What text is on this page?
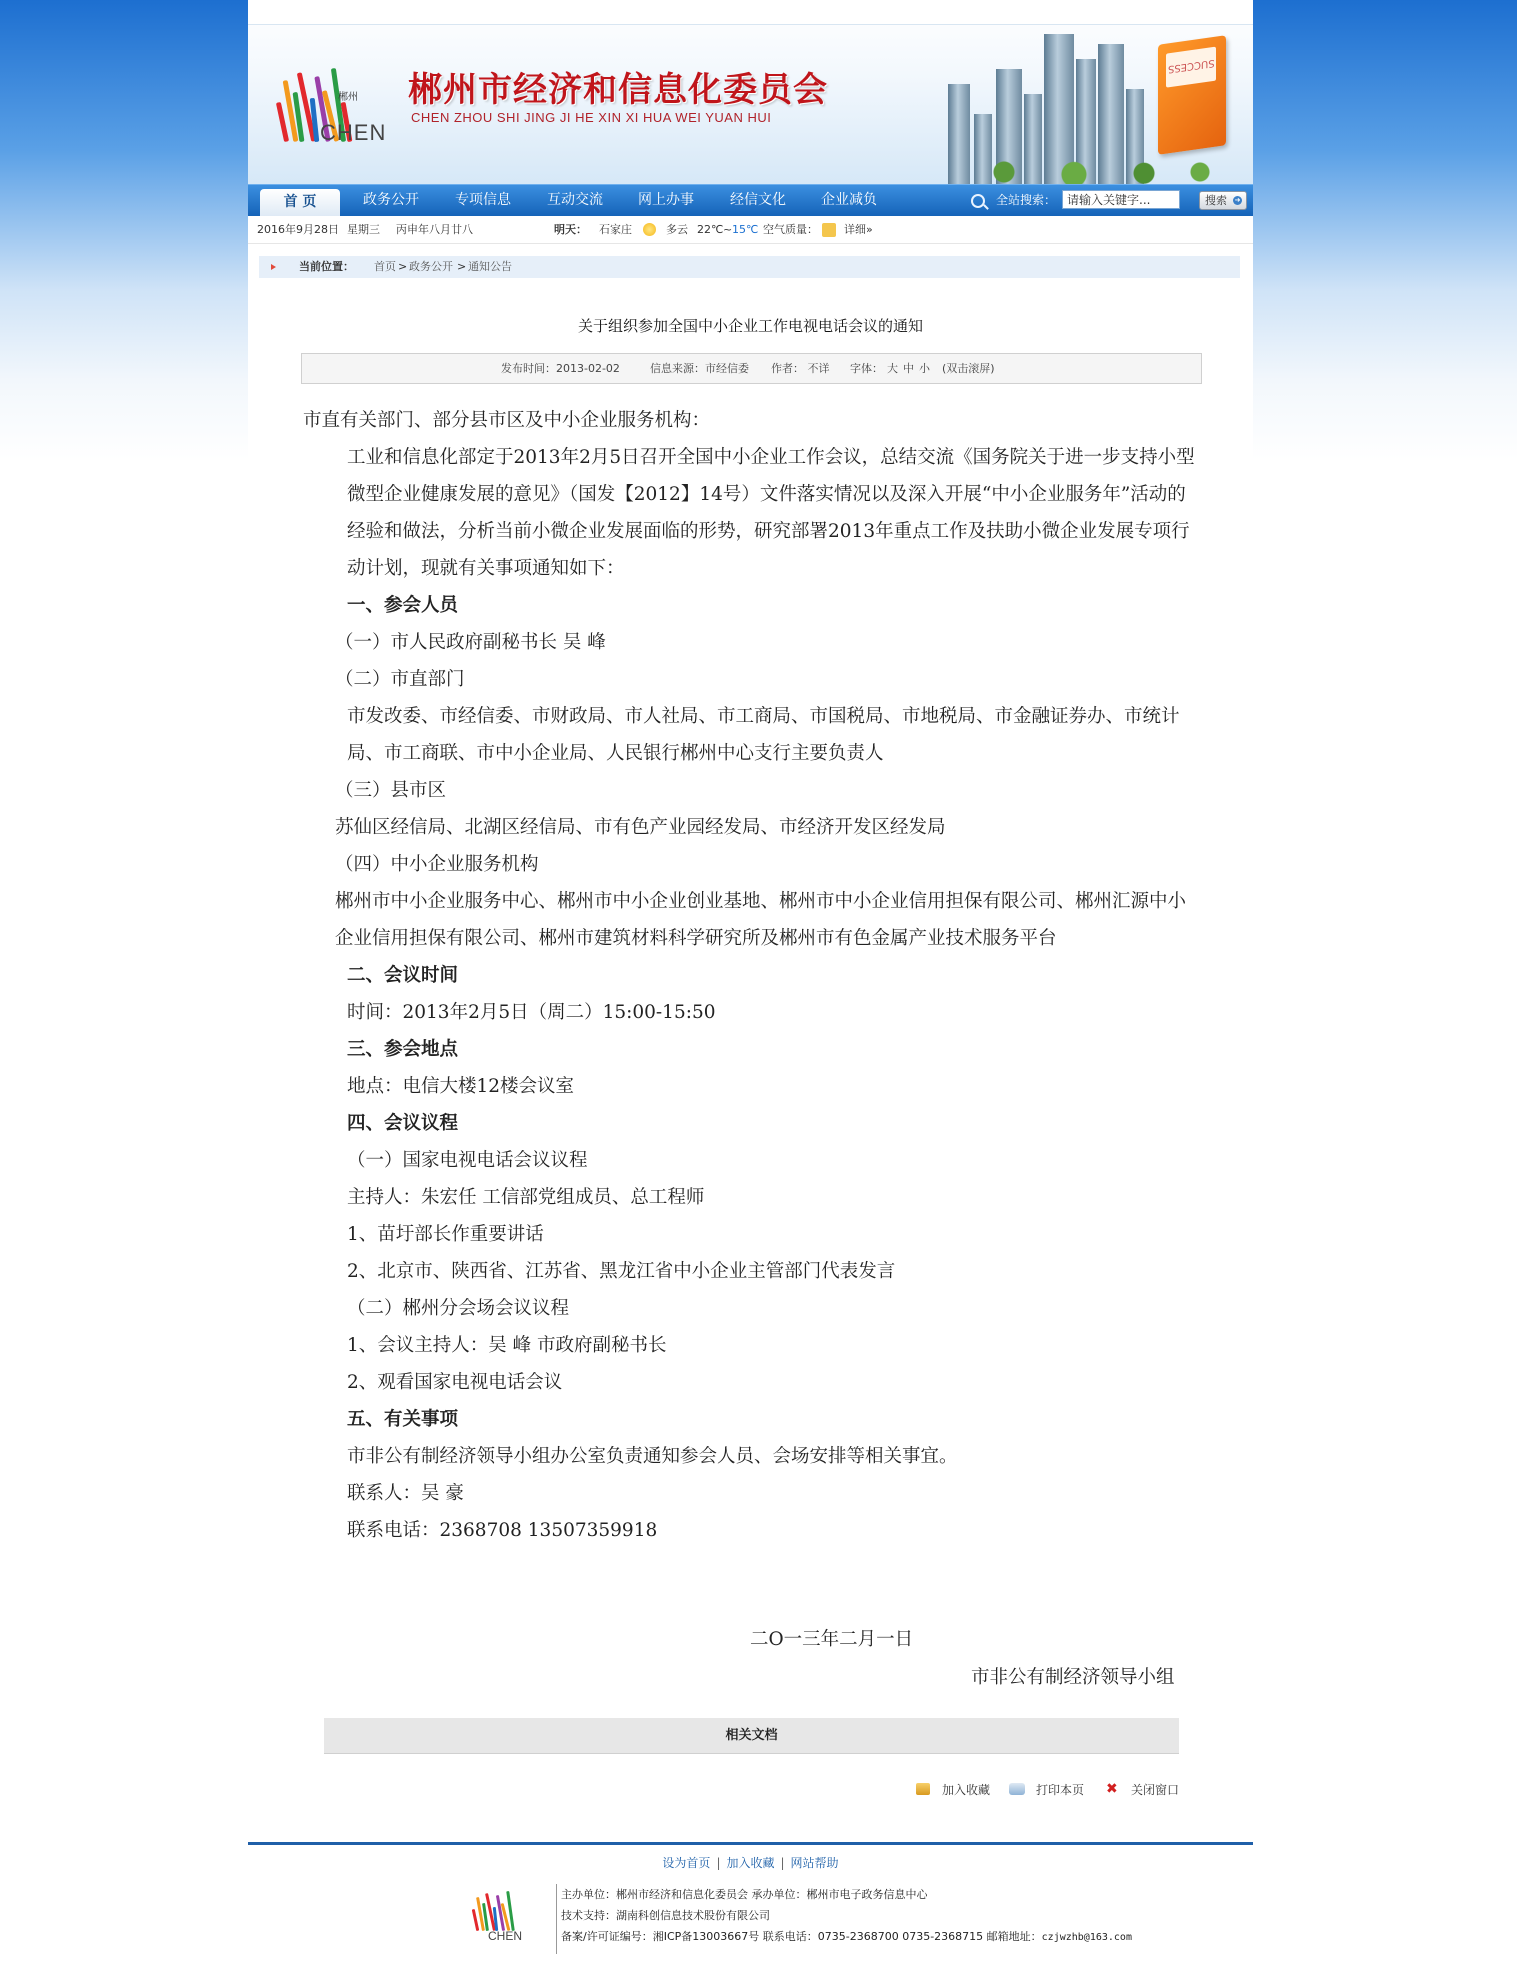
郴州
CHEN
郴州市经济和信息化委员会
CHEN ZHOU SHI JING JI HE XIN XI HUA WEI YUAN HUI
SUCCESS
首 页	政务公开	专项信息	互动交流	网上办事	经信文化	企业减负	全站搜索：
请输入关键字...	搜索 ➜
2016年9月28日 星期三 丙申年八月廿八	明天： 石家庄	多云 22℃ ~ 15℃ 空气质量： 详细»
当前位置： 首页 > 政务公开 > 通知公告
关于组织参加全国中小企业工作电视电话会议的通知
发布时间：2013-02-02	信息来源：市经信委 作者： 不详 字体： 大 中 小 (双击滚屏)

市直有关部门、部分县市区及中小企业服务机构：

工业和信息化部定于2013年2月5日召开全国中小企业工作会议，总结交流《国务院关于进一步支持小型微型企业健康发展的意见》（国发【2012】14号）文件落实情况以及深入开展“中小企业服务年”活动的经验和做法，分析当前小微企业发展面临的形势，研究部署2013年重点工作及扶助小微企业发展专项行动计划，现就有关事项通知如下：

一、参会人员

（一）市人民政府副秘书长 吴 峰

（二）市直部门

市发改委、市经信委、市财政局、市人社局、市工商局、市国税局、市地税局、市金融证券办、市统计局、市工商联、市中小企业局、人民银行郴州中心支行主要负责人

（三）县市区

苏仙区经信局、北湖区经信局、市有色产业园经发局、市经济开发区经发局

（四）中小企业服务机构

郴州市中小企业服务中心、郴州市中小企业创业基地、郴州市中小企业信用担保有限公司、郴州汇源中小企业信用担保有限公司、郴州市建筑材料科学研究所及郴州市有色金属产业技术服务平台

二、会议时间

时间：2013年2月5日（周二）15:00-15:50

三、参会地点

地点：电信大楼12楼会议室

四、会议议程

（一）国家电视电话会议议程

主持人：朱宏任 工信部党组成员、总工程师

1、苗圩部长作重要讲话

2、北京市、陕西省、江苏省、黑龙江省中小企业主管部门代表发言

（二）郴州分会场会议议程

1、会议主持人：吴 峰 市政府副秘书长

2、观看国家电视电话会议

五、有关事项

市非公有制经济领导小组办公室负责通知参会人员、会场安排等相关事宜。

联系人：吴 豪

联系电话：2368708 13507359918

二O一三年二月一日
市非公有制经济领导小组
相关文档
加入收藏	打印本页 ✖ 关闭窗口
设为首页 | 加入收藏 | 网站帮助
CHEN
主办单位：郴州市经济和信息化委员会 承办单位：郴州市电子政务信息中心
技术支持：湖南科创信息技术股份有限公司
备案/许可证编号：湘ICP备13003667号 联系电话：0735-2368700 0735-2368715 邮箱地址：czjwzhb@163.com
